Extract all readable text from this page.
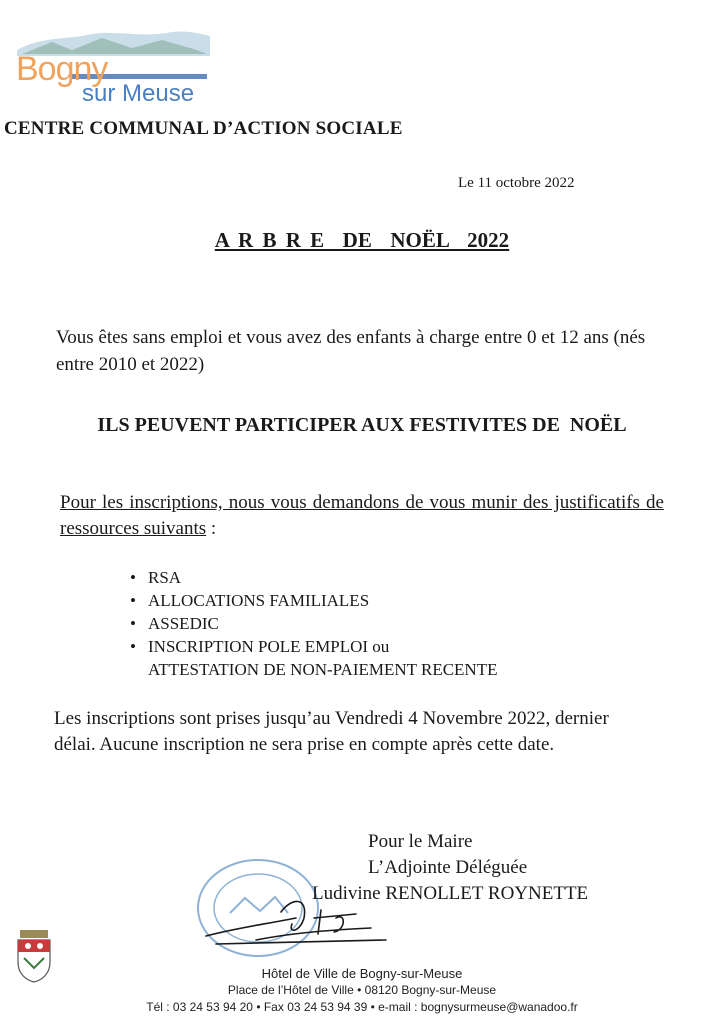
Bogny
sur Meuse
CENTRE COMMUNAL D’ACTION SOCIALE
Le 11 octobre 2022
A R B R E  DE  NOËL  2022
Vous êtes sans emploi et vous avez des enfants à charge entre 0 et 12 ans (nés entre 2010 et 2022)
ILS PEUVENT PARTICIPER AUX FESTIVITES DE  NOËL
Pour les inscriptions, nous vous demandons de vous munir des justificatifs de ressources suivants :
• RSA
• ALLOCATIONS FAMILIALES
• ASSEDIC
• INSCRIPTION POLE EMPLOI ou
ATTESTATION DE NON-PAIEMENT RECENTE
Les inscriptions sont prises jusqu’au Vendredi 4 Novembre 2022, dernier délai. Aucune inscription ne sera prise en compte après cette date.
Pour le Maire
L’Adjointe Déléguée
Ludivine RENOLLET ROYNETTE
Hôtel de Ville de Bogny-sur-Meuse
Place de l’Hôtel de Ville • 08120 Bogny-sur-Meuse
Tél : 03 24 53 94 20 • Fax 03 24 53 94 39 • e-mail : bognysurmeuse@wanadoo.fr
